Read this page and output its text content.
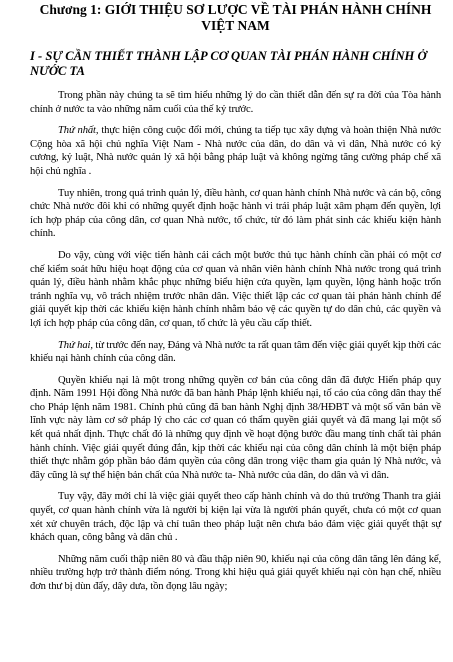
Chương 1: GIỚI THIỆU SƠ LƯỢC VỀ TÀI PHÁN HÀNH CHÍNH VIỆT NAM
I - SỰ CẦN THIẾT THÀNH LẬP CƠ QUAN TÀI PHÁN HÀNH CHÍNH Ở NƯỚC TA

Trong phần này chúng ta sẽ tìm hiểu những lý do cần thiết dẫn đến sự ra đời của Tòa hành chính ở nước ta vào những năm cuối của thế kỷ trước.

Thứ nhất, thực hiện công cuộc đổi mới, chúng ta tiếp tục xây dựng và hoàn thiện Nhà nước Cộng hòa xã hội chủ nghĩa Việt Nam - Nhà nước của dân, do dân và vì dân, Nhà nước có kỷ cương, kỷ luật, Nhà nước quản lý xã hội bằng pháp luật và không ngừng tăng cường pháp chế xã hội chủ nghĩa .

Tuy nhiên, trong quá trình quản lý, điều hành, cơ quan hành chính Nhà nước và cán bộ, công chức Nhà nước đôi khi có những quyết định hoặc hành vi trái pháp luật xâm phạm đến quyền, lợi ích hợp pháp của công dân, cơ quan Nhà nước, tổ chức, từ đó làm phát sinh các khiếu kiện hành chính.

Do vậy, cùng với việc tiến hành cải cách một bước thủ tục hành chính cần phải có một cơ chế kiểm soát hữu hiệu hoạt động của cơ quan và nhân viên hành chính Nhà nước trong quá trình quản lý, điều hành nhằm khắc phục những biểu hiện cửa quyền, lạm quyền, lộng hành hoặc trốn tránh nghĩa vụ, vô trách nhiệm trước nhân dân. Việc thiết lập các cơ quan tài phán hành chính để giải quyết kịp thời các khiếu kiện hành chính nhằm bảo vệ các quyền tự do dân chủ, các quyền và lợi ích hợp pháp của công dân, cơ quan, tổ chức là yêu cầu cấp thiết.

Thứ hai, từ trước đến nay, Đảng và Nhà nước ta rất quan tâm đến việc giải quyết kịp thời các khiếu nại hành chính của công dân.

Quyền khiếu nại là một trong những quyền cơ bản của công dân đã được Hiến pháp quy định. Năm 1991 Hội đồng Nhà nước đã ban hành Pháp lệnh khiếu nại, tố cáo của công dân thay thế cho Pháp lệnh năm 1981. Chính phủ cũng đã ban hành Nghị định 38/HĐBT và một số văn bản về lĩnh vực này làm cơ sở pháp lý cho các cơ quan có thẩm quyền giải quyết và đã mang lại một số kết quả nhất định. Thực chất đó là những quy định về hoạt động bước đầu mang tính chất tài phán hành chính. Việc giải quyết đúng đắn, kịp thời các khiếu nại của công dân chính là một biện pháp thiết thực nhằm góp phần bảo đảm quyền của công dân trong việc tham gia quản lý Nhà nước, và đây cũng là sự thể hiện bản chất của Nhà nước ta- Nhà nước của dân, do dân và vì dân.

Tuy vậy, đây mới chỉ là việc giải quyết theo cấp hành chính và do thủ trưởng Thanh tra giải quyết, cơ quan hành chính vừa là người bị kiện lại vừa là người phán quyết, chưa có một cơ quan xét xử chuyên trách, độc lập và chỉ tuân theo pháp luật nên chưa bảo đảm việc giải quyết thật sự khách quan, công bằng và dân chủ .

Những năm cuối thập niên 80 và đầu thập niên 90, khiếu nại của công dân tăng lên đáng kể, nhiều trường hợp trở thành điểm nóng. Trong khi hiệu quả giải quyết khiếu nại còn hạn chế, nhiều đơn thư bị dùn đẩy, dây dưa, tồn đọng lâu ngày;
